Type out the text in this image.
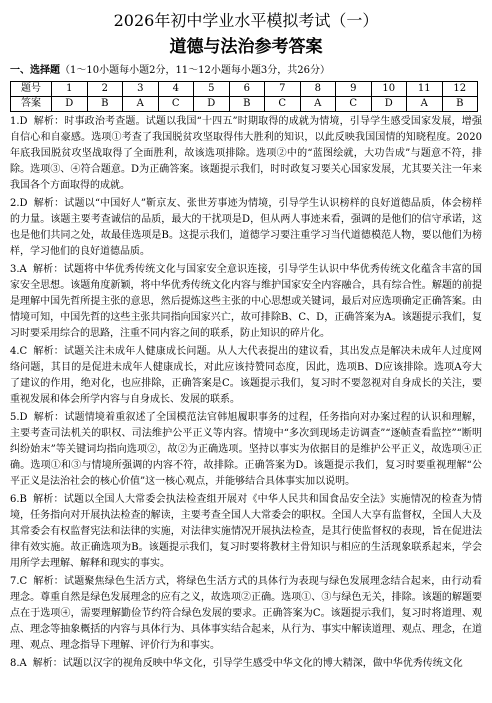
2026年初中学业水平模拟考试（一）
道德与法治参考答案
一、选择题（1～10小题每小题2分，11～12小题每小题3分，共26分）
题号	1	2	3	4	5	6	7	8	9	10	11	12
答案	D	B	A	C	D	B	C	A	C	D	A	B
1.D 解析：时事政治考查题。试题以我国“十四五”时期取得的成就为情境，引导学生感受国家发展，增强自信心和自豪感。选项①考查了我国脱贫攻坚取得伟大胜利的知识，以此反映我国国情的知晓程度。2020年底我国脱贫攻坚战取得了全面胜利，故该选项排除。选项②中的“蓝图绘就，大功告成”与题意不符，排除。选项③、④符合题意。D为正确答案。该题提示我们，时时政复习要关心国家发展，尤其要关注一年来我国各个方面取得的成就。
2.D 解析：试题以“中国好人”靳京友、张世芳事迹为情境，引导学生认识榜样的良好道德品质，体会榜样的力量。该题主要考查诚信的品质，最大的干扰项是D，但从两人事迹来看，强调的是他们的信守承诺，这也是他们共同之处，故最佳选项是B。这提示我们，道德学习要注重学习当代道德模范人物，要以他们为榜样，学习他们的良好道德品质。
3.A 解析：试题将中华优秀传统文化与国家安全意识连接，引导学生认识中华优秀传统文化蕴含丰富的国家安全思想。该题角度新颖，将中华优秀传统文化内容与维护国家安全内容融合，具有综合性。解题的前提是理解中国先哲所提主张的意思，然后提炼这些主张的中心思想或关键词，最后对应选项确定正确答案。由情境可知，中国先哲的这些主张共同指向国家兴亡，故可排除B、C、D，正确答案为A。该题提示我们，复习时要采用综合的思路，注重不同内容之间的联系，防止知识的碎片化。
4.C 解析：试题关注未成年人健康成长问题。从人大代表提出的建议看，其出发点是解决未成年人过度网络问题，其目的是促进未成年人健康成长，对此应该持赞同态度，因此，选项B、D应该排除。选项A夸大了建议的作用，绝对化，也应排除，正确答案是C。该题提示我们，复习时不要忽视对自身成长的关注，要重视发展和体会所学内容与自身成长、发展的联系。
5.D 解析：试题情境着重叙述了全国模范法官韩旭履职事务的过程，任务指向对办案过程的认识和理解，主要考查司法机关的职权、司法维护公平正义等内容。情境中“多次到现场走访调查”“逐帧查看监控”“断明纠纷始末”等关键词均指向选项②，故②为正确选项。坚持以事实为依据目的是维护公平正义，故选项④正确。选项①和③与情境所强调的内容不符，故排除。正确答案为D。该题提示我们，复习时要重视理解“公平正义是法治社会的核心价值”这一核心观点，并能够结合具体事实加以说明。
6.B 解析：试题以全国人大常委会执法检查组开展对《中华人民共和国食品安全法》实施情况的检查为情境，任务指向对开展执法检查的解读，主要考查全国人大常委会的职权。全国人大享有监督权，全国人大及其常委会有权监督宪法和法律的实施，对法律实施情况开展执法检查，是其行使监督权的表现，旨在促进法律有效实施。故正确选项为B。该题提示我们，复习时要将教材主骨知识与相应的生活现象联系起来，学会用所学去理解、解释和现实的事实。
7.C 解析：试题聚焦绿色生活方式，将绿色生活方式的具体行为表现与绿色发展理念结合起来，由行动看理念。尊重自然是绿色发展理念的应有之义，故选项②正确。选项①、③与绿色无关，排除。该题的解题要点在于选项④，需要理解勤俭节约符合绿色发展的要求。正确答案为C。该题提示我们，复习时将道理、观点、理念等抽象概括的内容与具体行为、具体事实结合起来，从行为、事实中解读道理、观点、理念，在道理、观点、理念指导下理解、评价行为和事实。
8.A 解析：试题以汉字的视角反映中华文化，引导学生感受中华文化的博大精深，做中华优秀传统文化
